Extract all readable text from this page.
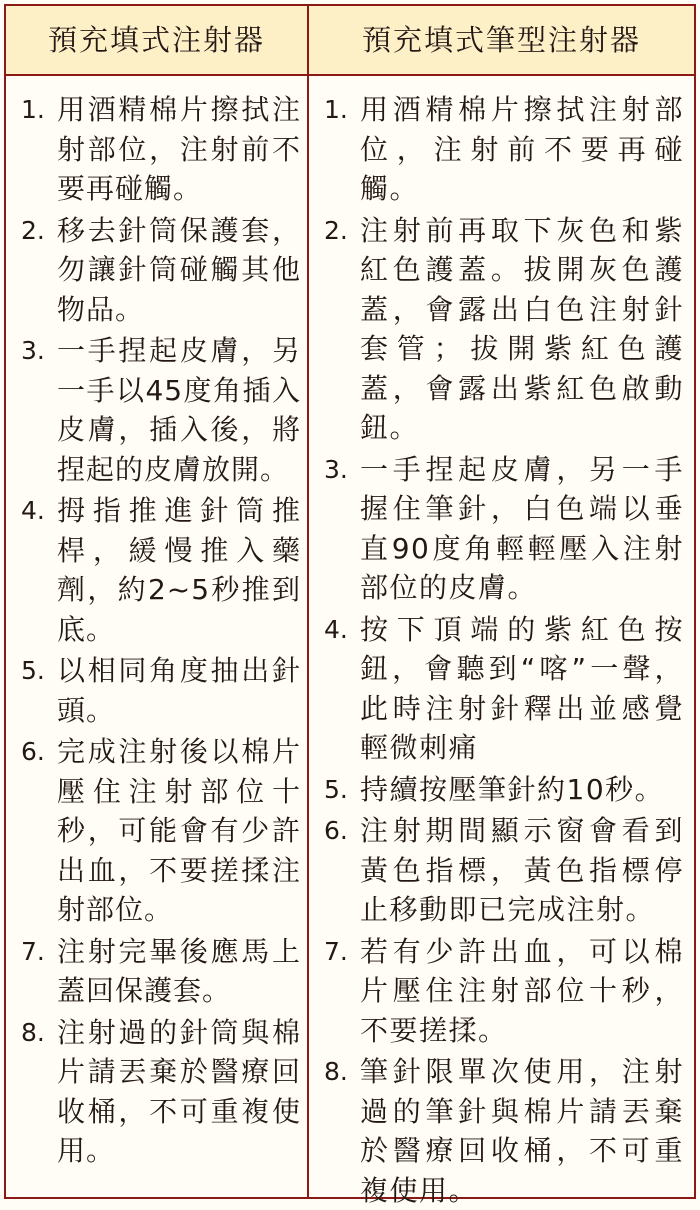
預充填式注射器	預充填式筆型注射器
1. 用酒精棉片擦拭注射部位，注射前不要再碰觸。
2. 移去針筒保護套，勿讓針筒碰觸其他物品。
3. 一手捏起皮膚，另一手以45度角插入皮膚，插入後，將捏起的皮膚放開。
4. 拇指推進針筒推桿，緩慢推入藥劑，約2~5秒推到底。
5. 以相同角度抽出針頭。
6. 完成注射後以棉片壓住注射部位十秒，可能會有少許出血，不要搓揉注射部位。
7. 注射完畢後應馬上蓋回保護套。
8. 注射過的針筒與棉片請丟棄於醫療回收桶，不可重複使用。
1. 用酒精棉片擦拭注射部位，注射前不要再碰觸。
2. 注射前再取下灰色和紫紅色護蓋。拔開灰色護蓋，會露出白色注射針套管；拔開紫紅色護蓋，會露出紫紅色啟動鈕。
3. 一手捏起皮膚，另一手握住筆針，白色端以垂直90度角輕輕壓入注射部位的皮膚。
4. 按下頂端的紫紅色按鈕，會聽到“喀”一聲，此時注射針釋出並感覺輕微刺痛
5. 持續按壓筆針約10秒。
6. 注射期間顯示窗會看到黃色指標，黃色指標停止移動即已完成注射。
7. 若有少許出血，可以棉片壓住注射部位十秒，不要搓揉。
8. 筆針限單次使用，注射過的筆針與棉片請丟棄於醫療回收桶，不可重複使用。
